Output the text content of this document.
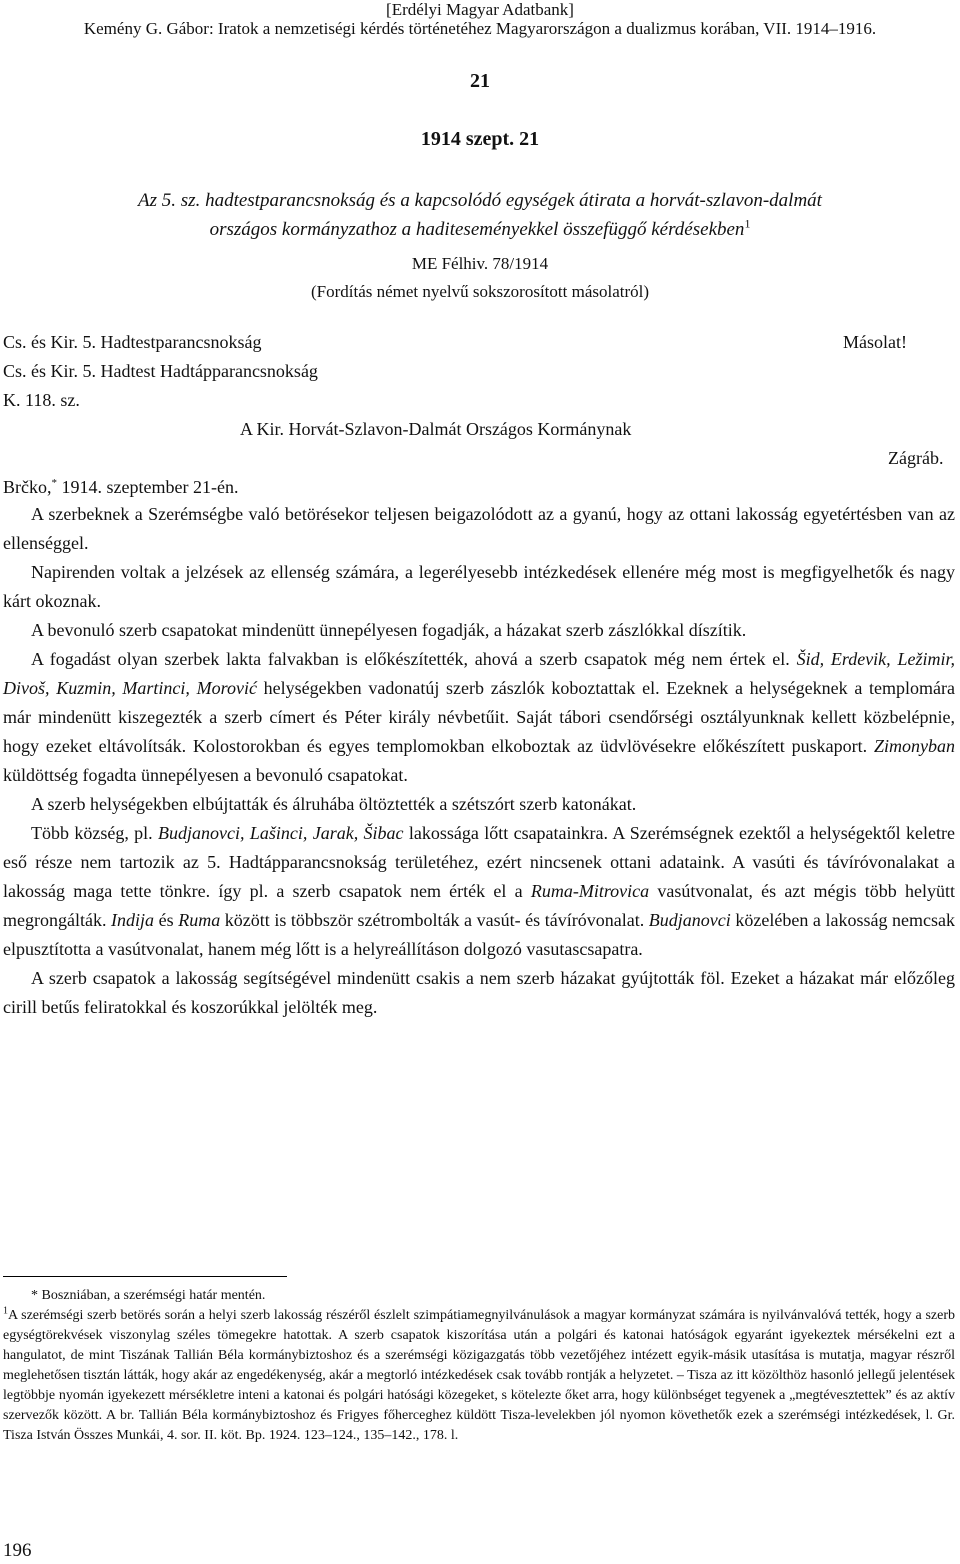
[Erdélyi Magyar Adatbank]
Kemény G. Gábor: Iratok a nemzetiségi kérdés történetéhez Magyarországon a dualizmus korában, VII. 1914–1916.
21
1914 szept. 21
Az 5. sz. hadtestparancsnokság és a kapcsolódó egységek átirata a horvát-szlavon-dalmát
országos kormányzathoz a haditeseményekkel összefüggő kérdésekben$^1$
ME Félhiv. 78/1914
(Fordítás német nyelvű sokszorosított másolatról)
Cs. és Kir. 5. Hadtestparancsnokság	Másolat!
Cs. és Kir. 5. Hadtest Hadtápparancsnokság
K. 118. sz.
A Kir. Horvát-Szlavon-Dalmát Országos Kormánynak
Zágráb.
Brčko,* 1914. szeptember 21-én.

A szerbeknek a Szerémségbe való betörésekor teljesen beigazolódott az a gyanú, hogy az ottani lakosság egyetértésben van az ellenséggel.

Napirenden voltak a jelzések az ellenség számára, a legerélyesebb intézkedések ellenére még most is megfigyelhetők és nagy kárt okoznak.

A bevonuló szerb csapatokat mindenütt ünnepélyesen fogadják, a házakat szerb zászlókkal díszítik.

A fogadást olyan szerbek lakta falvakban is előkészítették, ahová a szerb csapatok még nem értek el. Šid, Erdevik, Ležimir, Divoš, Kuzmin, Martinci, Morović helységekben vadonatúj szerb zászlók koboztattak el. Ezeknek a helységeknek a templomára már mindenütt kiszegezték a szerb címert és Péter király névbetűit. Saját tábori csendőrségi osztályunknak kellett közbelépnie, hogy ezeket eltávolítsák. Kolostorokban és egyes templomokban elkoboztak az üdvlövésekre előkészített puskaport. Zimonyban küldöttség fogadta ünnepélyesen a bevonuló csapatokat.

A szerb helységekben elbújtatták és álruhába öltöztették a szétszórt szerb katonákat.

Több község, pl. Budjanovci, Lašinci, Jarak, Šibac lakossága lőtt csapatainkra. A Szerémségnek ezektől a helységektől keletre eső része nem tartozik az 5. Hadtápparancsnokság területéhez, ezért nincsenek ottani adataink. A vasúti és távíróvonalakat a lakosság maga tette tönkre. így pl. a szerb csapatok nem érték el a Ruma-Mitrovica vasútvonalat, és azt mégis több helyütt megrongálták. Indija és Ruma között is többször szétrombolták a vasút- és távíróvonalat. Budjanovci közelében a lakosság nemcsak elpusztította a vasútvonalat, hanem még lőtt is a helyreállításon dolgozó vasutascsapatra.

A szerb csapatok a lakosság segítségével mindenütt csakis a nem szerb házakat gyújtották föl. Ezeket a házakat már előzőleg cirill betűs feliratokkal és koszorúkkal jelölték meg.

* Boszniában, a szerémségi határ mentén.

$^1$A szerémségi szerb betörés során a helyi szerb lakosság részéről észlelt szimpátiamegnyilvánulások a magyar kormányzat számára is nyilvánvalóvá tették, hogy a szerb egységtörekvések viszonylag széles tömegekre hatottak. A szerb csapatok kiszorítása után a polgári és katonai hatóságok egyaránt igyekeztek mérsékelni ezt a hangulatot, de mint Tiszának Tallián Béla kormánybiztoshoz és a szerémségi közigazgatás több vezetőjéhez intézett egyik-másik utasítása is mutatja, magyar részről meglehetősen tisztán látták, hogy akár az engedékenység, akár a megtorló intézkedések csak tovább rontják a helyzetet. – Tisza az itt közölthöz hasonló jellegű jelentések legtöbbje nyomán igyekezett mérsékletre inteni a katonai és polgári hatósági közegeket, s kötelezte őket arra, hogy különbséget tegyenek a „megtévesztettek” és az aktív szervezők között. A br. Tallián Béla kormánybiztoshoz és Frigyes főherceghez küldött Tisza-levelekben jól nyomon követhetők ezek a szerémségi intézkedések, l. Gr. Tisza István Összes Munkái, 4. sor. II. köt. Bp. 1924. 123–124., 135–142., 178. l.

196
